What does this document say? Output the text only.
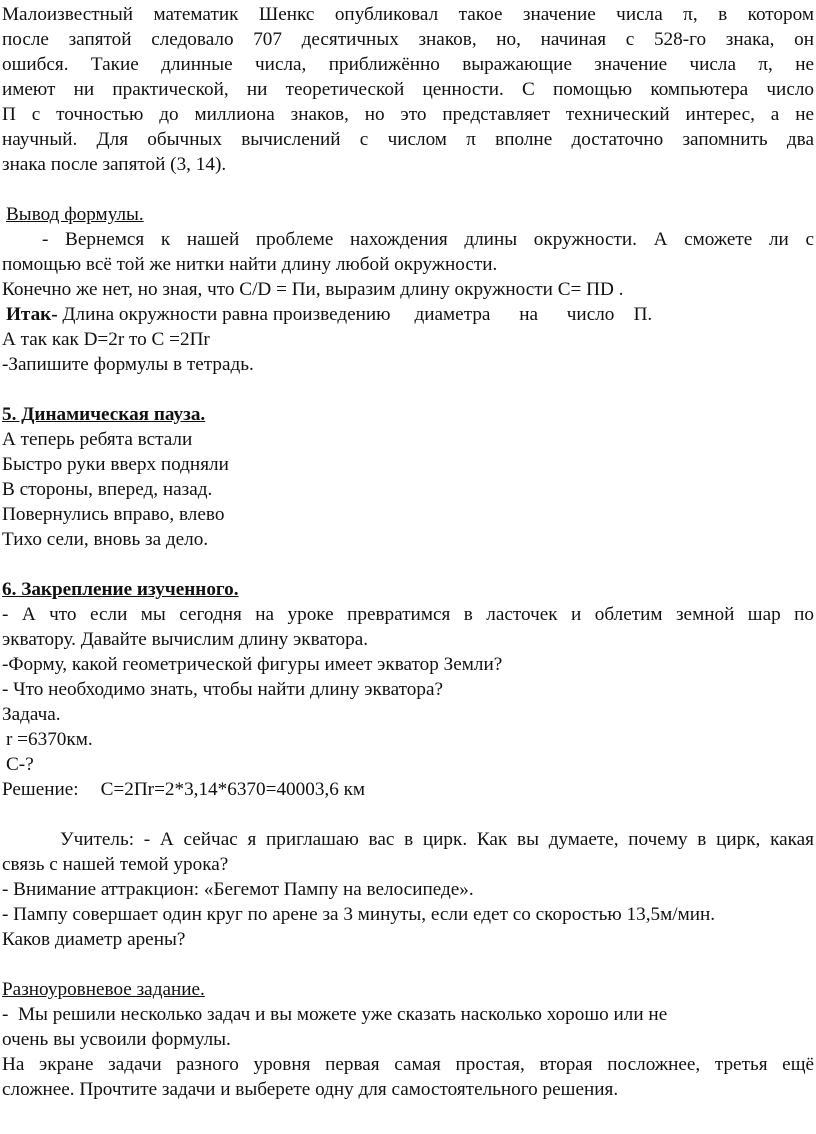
Малоизвестный математик Шенкс опубликовал такое значение числа π, в котором

после запятой следовало 707 десятичных знаков, но, начиная с 528-го знака, он

ошибся. Такие длинные числа, приближённо выражающие значение числа π, не

имеют ни практической, ни теоретической ценности. С помощью компьютера число

П с точностью до миллиона знаков, но это представляет технический интерес, а не

научный. Для обычных вычислений с числом π вполне достаточно запомнить два

знака после запятой (3, 14).

Вывод формулы.

- Вернемся к нашей проблеме нахождения длины окружности. А сможете ли с

помощью всё той же нитки найти длину любой окружности.

Конечно же нет, но зная, что C/D = Пи, выразим длину окружности C= ПD .

Итак- Длина окружности равна произведению     диаметра      на      число    П.

А так как D=2r то С =2Пr

-Запишите формулы в тетрадь.

5. Динамическая пауза.

А теперь ребята встали

Быстро руки вверх подняли

В стороны, вперед, назад.

Повернулись вправо, влево

Тихо сели, вновь за дело.

6. Закрепление изученного.

- А что если мы сегодня на уроке превратимся в ласточек и облетим земной шар по

экватору. Давайте вычислим длину экватора.

-Форму, какой геометрической фигуры имеет экватор Земли?

- Что необходимо знать, чтобы найти длину экватора?

Задача.

r =6370км.

С-?

Решение: С=2Пr=2*3,14*6370=40003,6 км

Учитель: - А сейчас я приглашаю вас в цирк. Как вы думаете, почему в цирк, какая

связь с нашей темой урока?

- Внимание аттракцион: «Бегемот Пампу на велосипеде».

- Пампу совершает один круг по арене за 3 минуты, если едет со скоростью 13,5м/мин.

Каков диаметр арены?

Разноуровневое задание.

-  Мы решили несколько задач и вы можете уже сказать насколько хорошо или не

очень вы усвоили формулы.

На экране задачи разного уровня первая самая простая, вторая посложнее, третья ещё

сложнее. Прочтите задачи и выберете одну для самостоятельного решения.
